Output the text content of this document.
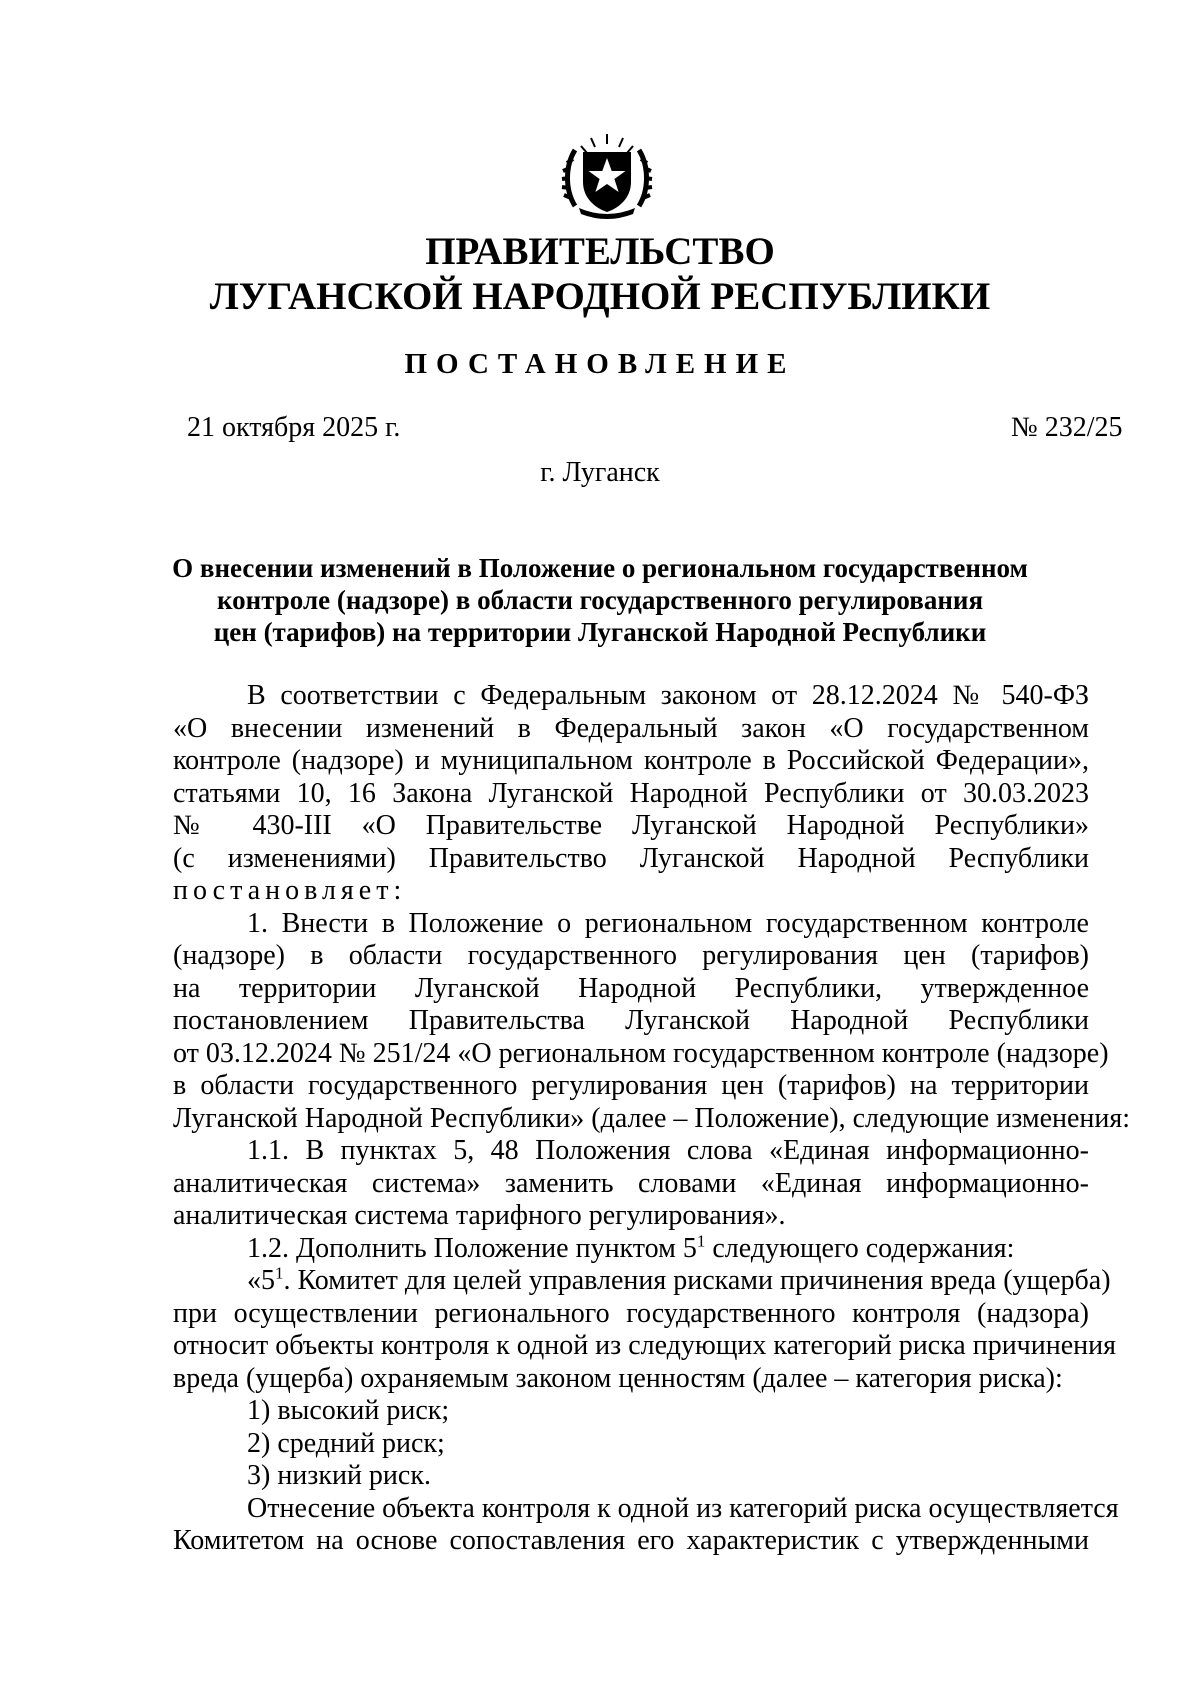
ПРАВИТЕЛЬСТВО
ЛУГАНСКОЙ НАРОДНОЙ РЕСПУБЛИКИ
ПОСТАНОВЛЕНИЕ
21 октября 2025 г.	№ 232/25
г. Луганск
О внесении изменений в Положение о региональном государственном
контроле (надзоре) в области государственного регулирования
цен (тарифов) на территории Луганской Народной Республики
В соответствии с Федеральным законом от 28.12.2024 № 540-ФЗ
«О внесении изменений в Федеральный закон «О государственном
контроле (надзоре) и муниципальном контроле в Российской Федерации»,
статьями 10, 16 Закона Луганской Народной Республики от 30.03.2023
№ 430-III «О Правительстве Луганской Народной Республики»
(с изменениями) Правительство Луганской Народной Республики
постановляет:
1. Внести в Положение о региональном государственном контроле
(надзоре) в области государственного регулирования цен (тарифов)
на территории Луганской Народной Республики, утвержденное
постановлением Правительства Луганской Народной Республики
от 03.12.2024 № 251/24 «О региональном государственном контроле (надзоре)
в области государственного регулирования цен (тарифов) на территории
Луганской Народной Республики» (далее – Положение), следующие изменения:
1.1. В пунктах 5, 48 Положения слова «Единая информационно-
аналитическая система» заменить словами «Единая информационно-
аналитическая система тарифного регулирования».
1.2. Дополнить Положение пунктом $5^1$ следующего содержания:
«$5^1$. Комитет для целей управления рисками причинения вреда (ущерба)
при осуществлении регионального государственного контроля (надзора)
относит объекты контроля к одной из следующих категорий риска причинения
вреда (ущерба) охраняемым законом ценностям (далее – категория риска):
1) высокий риск;
2) средний риск;
3) низкий риск.
Отнесение объекта контроля к одной из категорий риска осуществляется
Комитетом на основе сопоставления его характеристик с утвержденными
